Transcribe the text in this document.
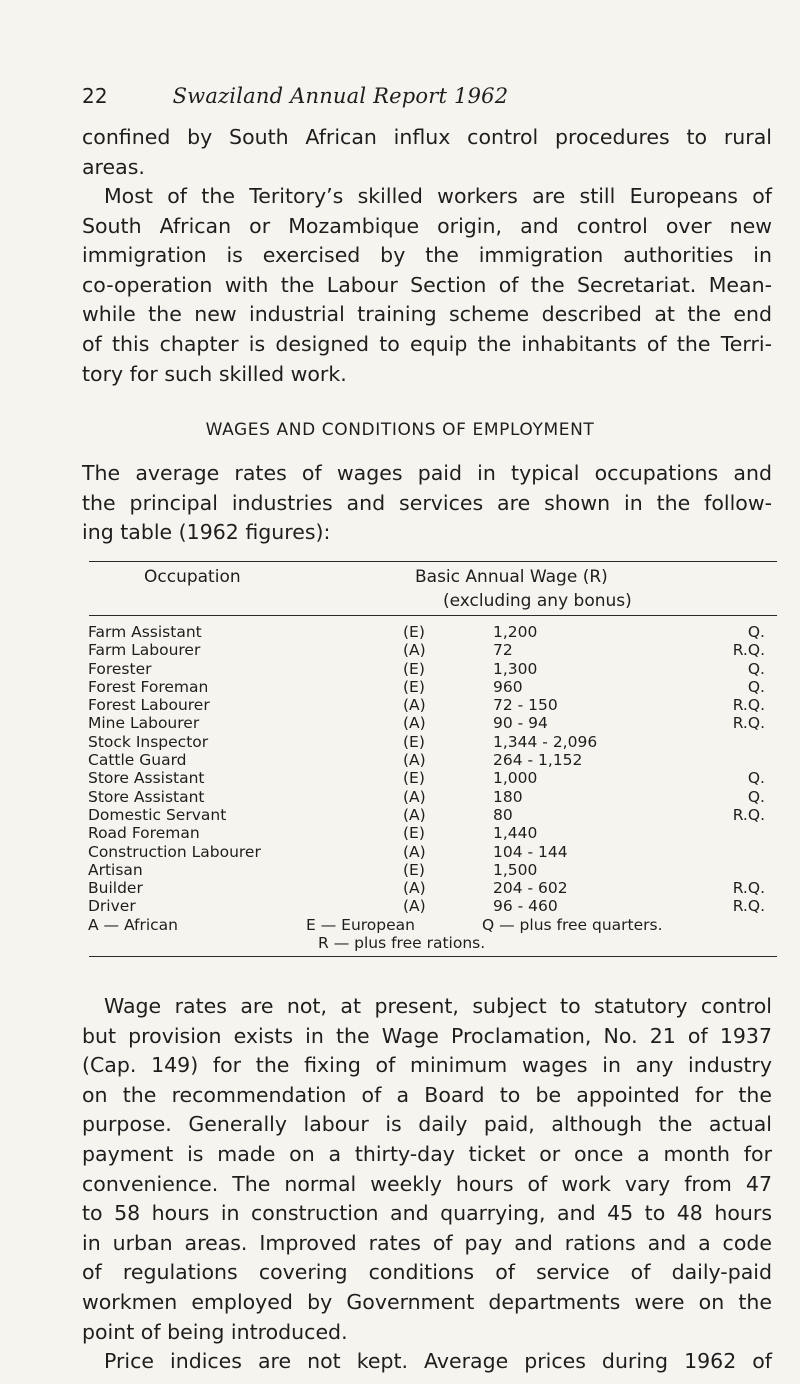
22	Swaziland Annual Report 1962
confined by South African influx control procedures to rural
areas.
Most of the Teritory’s skilled workers are still Europeans of
South African or Mozambique origin, and control over new
immigration is exercised by the immigration authorities in
co-operation with the Labour Section of the Secretariat. Mean-
while the new industrial training scheme described at the end
of this chapter is designed to equip the inhabitants of the Terri-
tory for such skilled work.
WAGES AND CONDITIONS OF EMPLOYMENT
The average rates of wages paid in typical occupations and
the principal industries and services are shown in the follow-
ing table (1962 figures):
Occupation	Basic Annual Wage (R)
(excluding any bonus)
Farm Assistant	(E)	1,200	Q.
Farm Labourer	(A)	72	R.Q.
Forester	(E)	1,300	Q.
Forest Foreman	(E)	960	Q.
Forest Labourer	(A)	72 - 150	R.Q.
Mine Labourer	(A)	90 - 94	R.Q.
Stock Inspector	(E)	1,344 - 2,096
Cattle Guard	(A)	264 - 1,152
Store Assistant	(E)	1,000	Q.
Store Assistant	(A)	180	Q.
Domestic Servant	(A)	80	R.Q.
Road Foreman	(E)	1,440
Construction Labourer	(A)	104 - 144
Artisan	(E)	1,500
Builder	(A)	204 - 602	R.Q.
Driver	(A)	96 - 460	R.Q.
A — African	E — European	Q — plus free quarters.
R — plus free rations.
Wage rates are not, at present, subject to statutory control
but provision exists in the Wage Proclamation, No. 21 of 1937
(Cap. 149) for the fixing of minimum wages in any industry
on the recommendation of a Board to be appointed for the
purpose. Generally labour is daily paid, although the actual
payment is made on a thirty-day ticket or once a month for
convenience. The normal weekly hours of work vary from 47
to 58 hours in construction and quarrying, and 45 to 48 hours
in urban areas. Improved rates of pay and rations and a code
of regulations covering conditions of service of daily-paid
workmen employed by Government departments were on the
point of being introduced.
Price indices are not kept. Average prices during 1962 of
